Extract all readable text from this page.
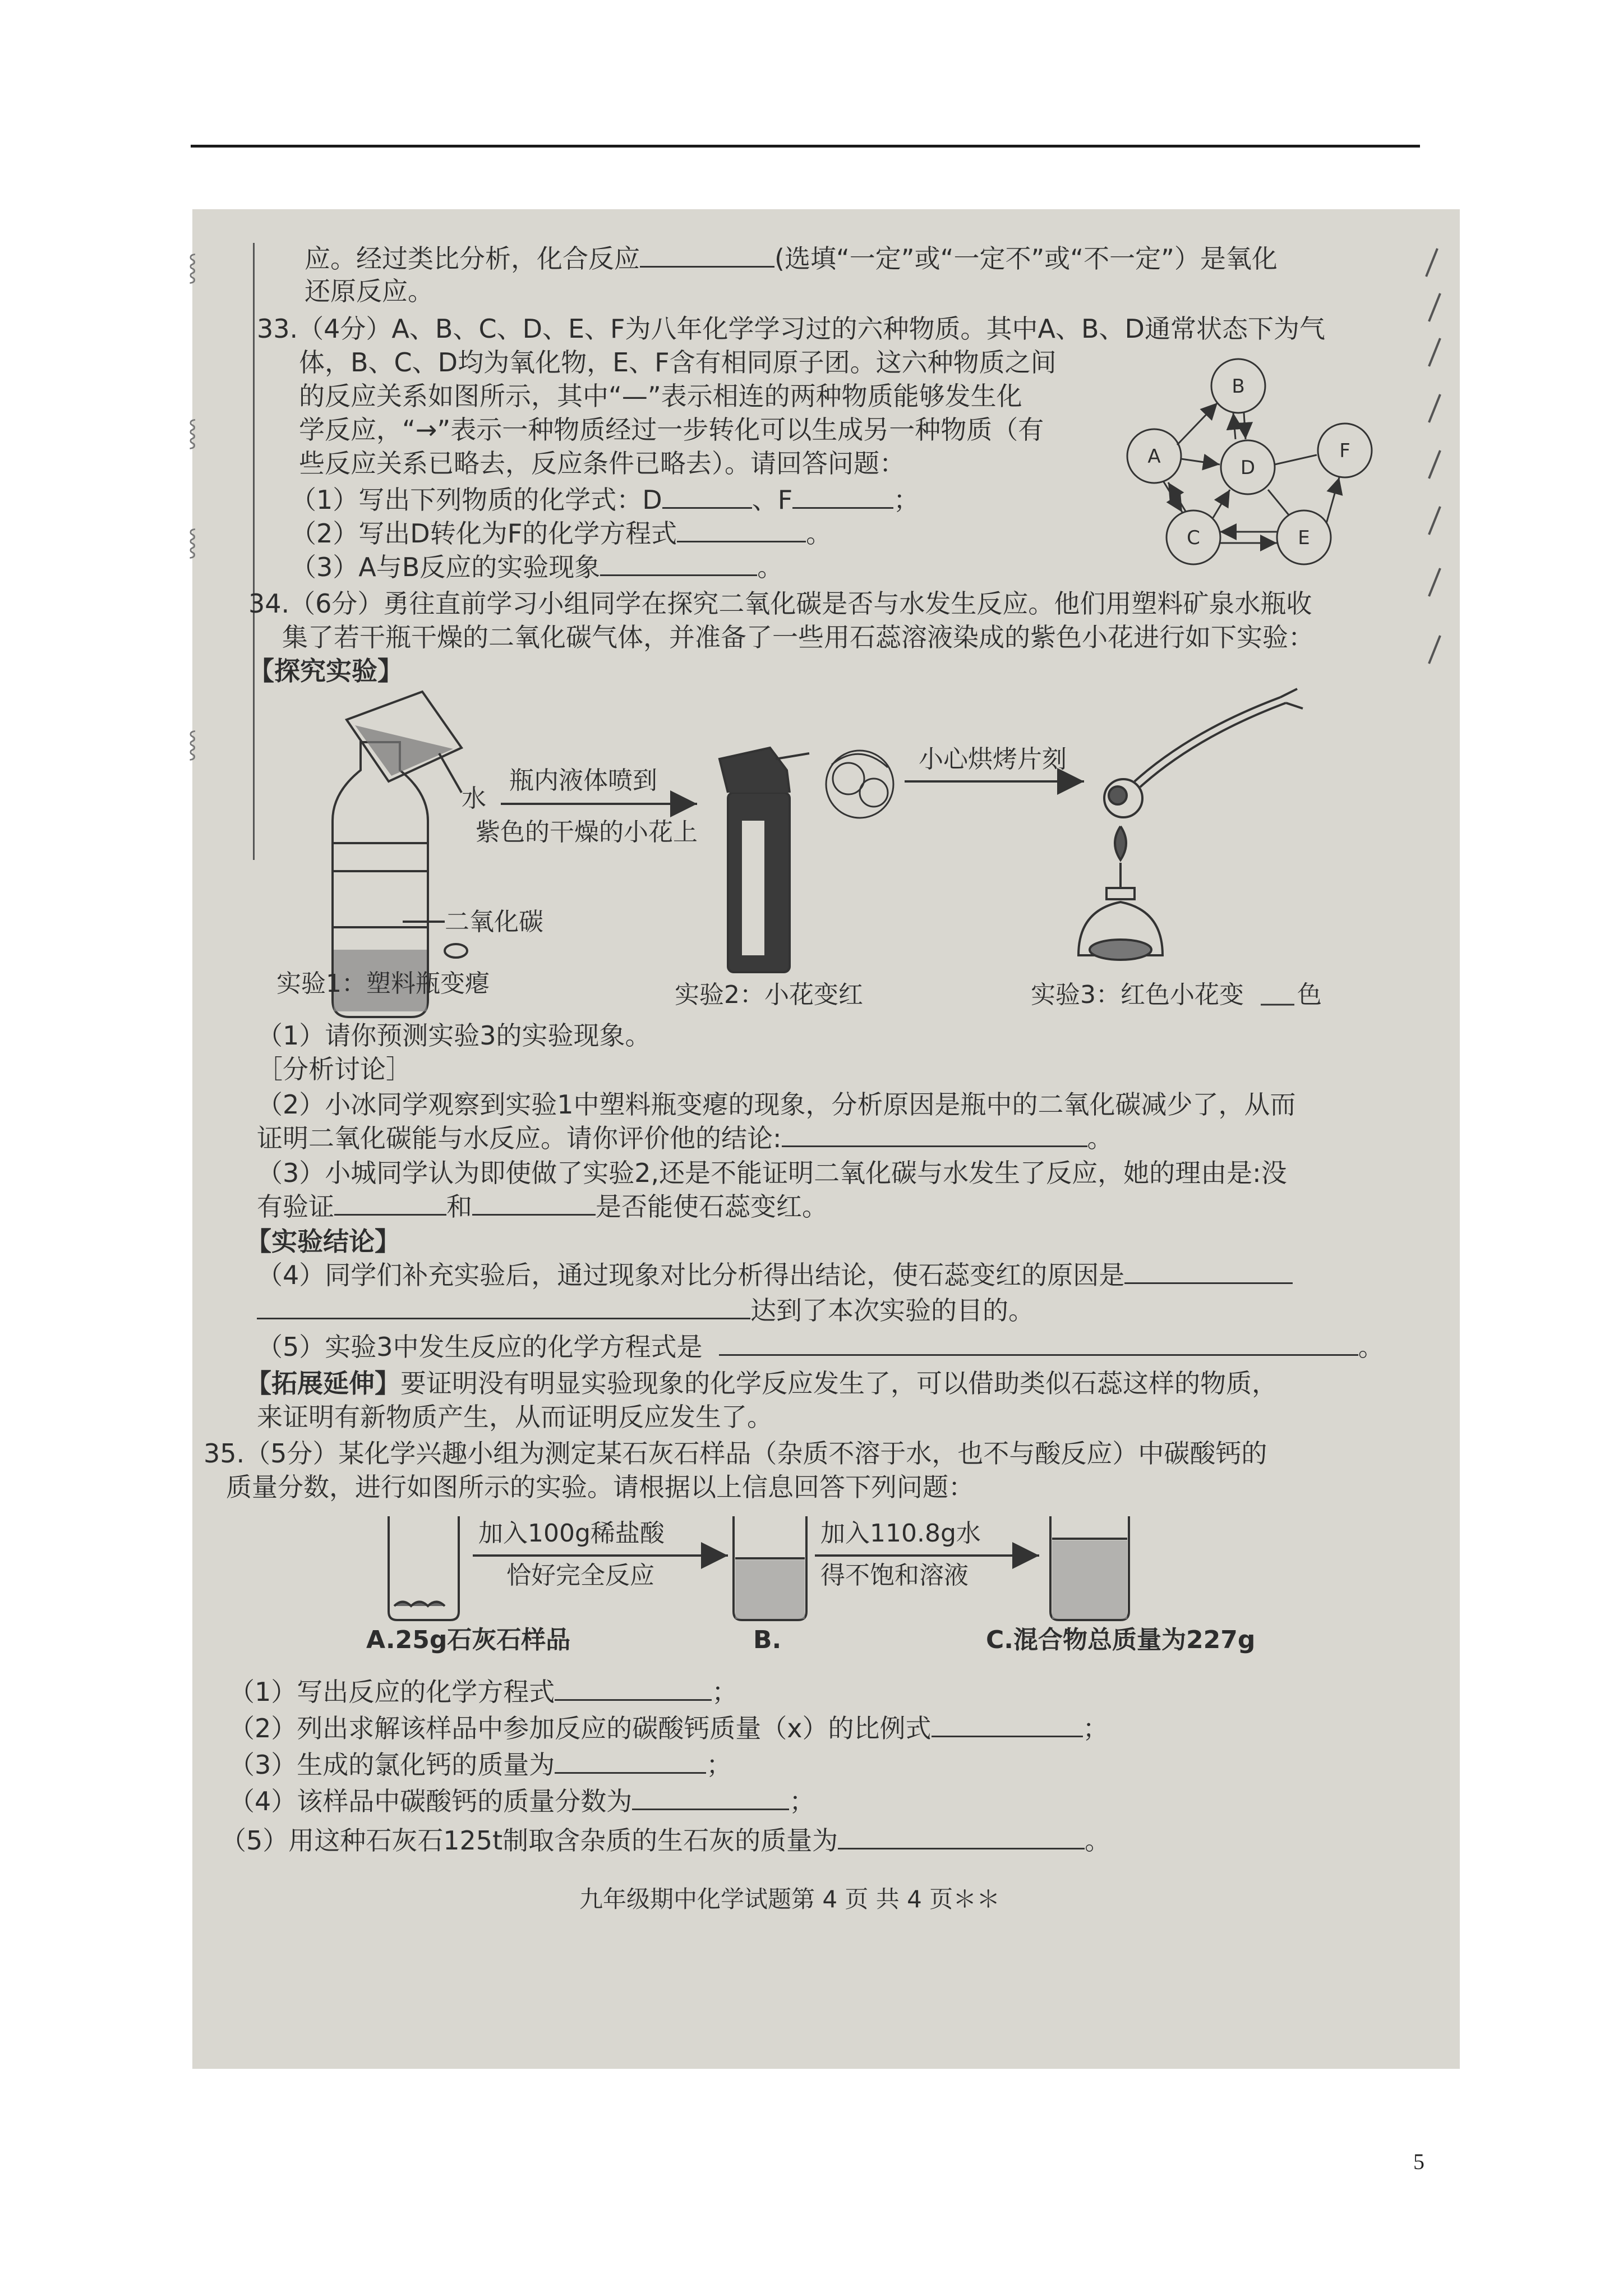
⸾
⸾
⸾
⸾
应。经过类比分析，化合反应	(选填“一定”或“一定不”或“不一定”）是氧化
还原反应。
33.（4分）A、B、C、D、E、F为八年化学学习过的六种物质。其中A、B、D通常状态下为气
体，B、C、D均为氧化物，E、F含有相同原子团。这六种物质之间
的反应关系如图所示，其中“—”表示相连的两种物质能够发生化
学反应，“→”表示一种物质经过一步转化可以生成另一种物质（有
些反应关系已略去，反应条件已略去）。请回答问题：
（1）写出下列物质的化学式：D	、F	；
（2）写出D转化为F的化学方程式	。
（3）A与B反应的实验现象	。
B
A	D
F
C	E
34.（6分）勇往直前学习小组同学在探究二氧化碳是否与水发生反应。他们用塑料矿泉水瓶收
集了若干瓶干燥的二氧化碳气体，并准备了一些用石蕊溶液染成的紫色小花进行如下实验：
【探究实验】
水
二氧化碳
瓶内液体喷到
紫色的干燥的小花上
小心烘烤片刻
实验1：塑料瓶变瘪	实验2：小花变红	实验3：红色小花变 色
（1）请你预测实验3的实验现象。
［分析讨论］
（2）小冰同学观察到实验1中塑料瓶变瘪的现象，分析原因是瓶中的二氧化碳减少了，从而
证明二氧化碳能与水反应。请你评价他的结论:	。
（3）小城同学认为即使做了实验2,还是不能证明二氧化碳与水发生了反应，她的理由是:没
有验证	和	是否能使石蕊变红。
【实验结论】
（4）同学们补充实验后，通过现象对比分析得出结论，使石蕊变红的原因是
达到了本次实验的目的。
（5）实验3中发生反应的化学方程式是	。
【拓展延伸】要证明没有明显实验现象的化学反应发生了，可以借助类似石蕊这样的物质，
来证明有新物质产生，从而证明反应发生了。
35.（5分）某化学兴趣小组为测定某石灰石样品（杂质不溶于水，也不与酸反应）中碳酸钙的
质量分数，进行如图所示的实验。请根据以上信息回答下列问题：
加入100g稀盐酸
恰好完全反应
加入110.8g水
得不饱和溶液
A.25g石灰石样品	B.	C.混合物总质量为227g
（1）写出反应的化学方程式	；
（2）列出求解该样品中参加反应的碳酸钙质量（x）的比例式	；
（3）生成的氯化钙的质量为	；
（4）该样品中碳酸钙的质量分数为	；
（5）用这种石灰石125t制取含杂质的生石灰的质量为	。
九年级期中化学试题第 4 页 共 4 页＊＊
5
